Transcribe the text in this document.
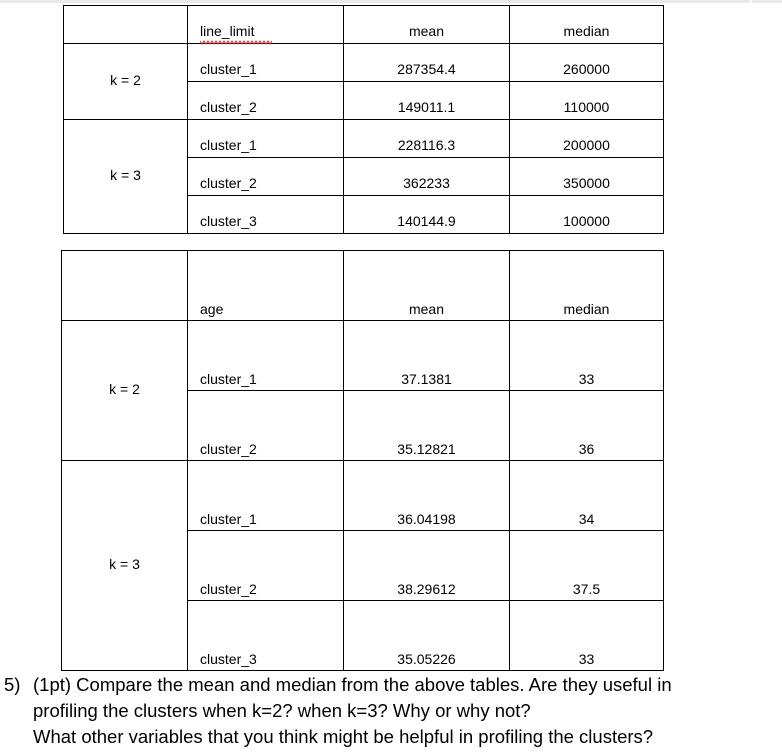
	line_limit	mean	median

k = 2	cluster_1	287354.4	260000

	cluster_2	149011.1	110000

k = 3	cluster_1	228116.3	200000

	cluster_2	362233	350000

	cluster_3	140144.9	100000

	age	mean	median

k = 2	cluster_1	37.1381	33

	cluster_2	35.12821	36

k = 3	cluster_1	36.04198	34

	cluster_2	38.29612	37.5

	cluster_3	35.05226	33
5) (1pt) Compare the mean and median from the above tables. Are they useful in
profiling the clusters when k=2? when k=3? Why or why not?
What other variables that you think might be helpful in profiling the clusters?
